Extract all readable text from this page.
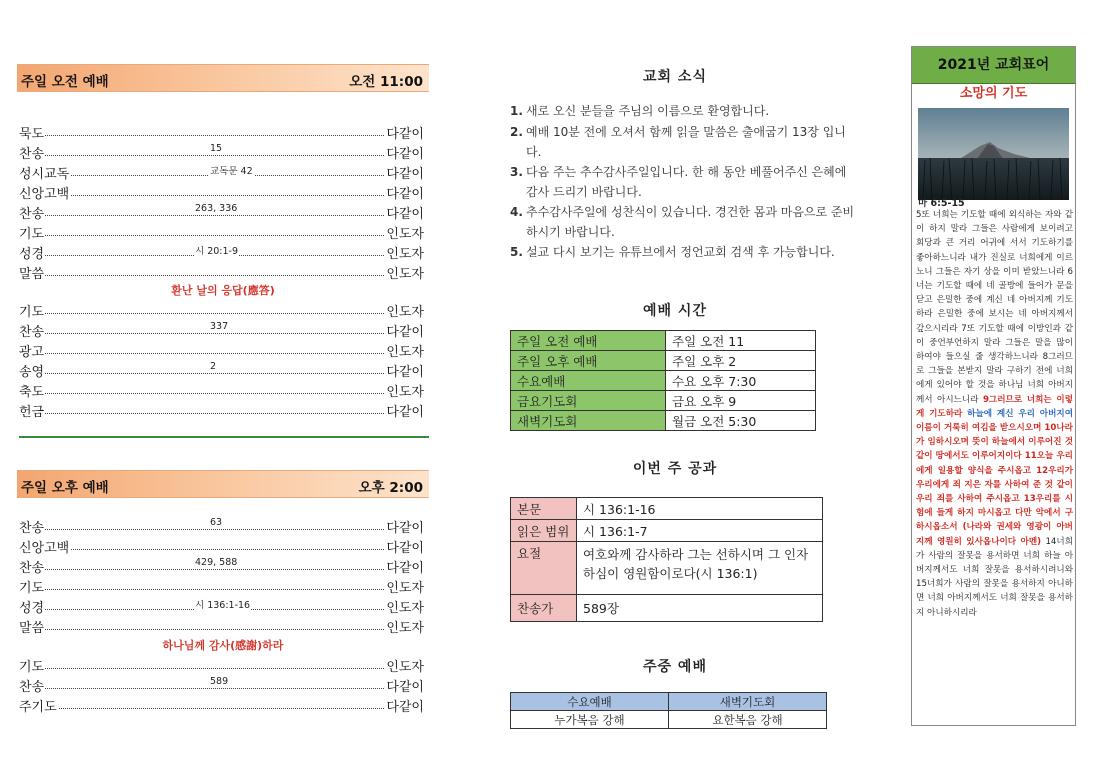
주일 오전 예배	오전 11:00
묵도	다같이
찬송	15	다같이
성시교독	교독문 42	다같이
신앙고백	다같이
찬송	263, 336	다같이
기도	인도자
성경	시 20:1-9	인도자
말씀	인도자
환난 날의 응답(應答)
기도	인도자
찬송	337	다같이
광고	인도자
송영	2	다같이
축도	인도자
헌금	다같이
주일 오후 예배	오후 2:00
찬송	63	다같이
신앙고백	다같이
찬송	429, 588	다같이
기도	인도자
성경	시 136:1-16	인도자
말씀	인도자
하나님께 감사(感謝)하라
기도	인도자
찬송	589	다같이
주기도	다같이
교회 소식
1. 새로 오신 분들을 주님의 이름으로 환영합니다.
2. 예배 10분 전에 오셔서 함께 읽을 말씀은 출애굽기 13장 입니다.
3. 다음 주는 추수감사주일입니다. 한 해 동안 베풀어주신 은혜에 감사 드리기 바랍니다.
4. 추수감사주일에 성찬식이 있습니다. 경건한 몸과 마음으로 준비하시기 바랍니다.
5. 설교 다시 보기는 유튜브에서 정언교회 검색 후 가능합니다.
예배 시간
주일 오전 예배	주일 오전 11
주일 오후 예배	주일 오후 2
수요예배	수요 오후 7:30
금요기도회	금요 오후 9
새벽기도회	월금 오전 5:30
이번 주 공과
본문	시 136:1-16
읽은 범위	시 136:1-7
요절	여호와께 감사하라 그는 선하시며 그 인자하심이 영원함이로다(시 136:1)
찬송가	589장
주중 예배
수요예배	새벽기도회
누가복음 강해	요한복음 강해
2021년 교회표어
소망의 기도
마 6:5-15
5또 너희는 기도할 때에 외식하는 자와 같이 하지 말라 그들은 사람에게 보이려고 회당과 큰 거리 어귀에 서서 기도하기를 좋아하느니라 내가 진실로 너희에게 이르노니 그들은 자기 상을 이미 받았느니라 6너는 기도할 때에 네 골방에 들어가 문을 닫고 은밀한 중에 계신 네 아버지께 기도하라 은밀한 중에 보시는 네 아버지께서 갚으시리라 7또 기도할 때에 이방인과 같이 중언부언하지 말라 그들은 말을 많이 하여야 들으실 줄 생각하느니라 8그러므로 그들을 본받지 말라 구하기 전에 너희에게 있어야 할 것을 하나님 너희 아버지께서 아시느니라 9그러므로 너희는 이렇게 기도하라 하늘에 계신 우리 아버지여 이름이 거룩히 여김을 받으시오며 10나라가 임하시오며 뜻이 하늘에서 이루어진 것 같이 땅에서도 이루어지이다 11오늘 우리에게 일용할 양식을 주시옵고 12우리가 우리에게 죄 지은 자를 사하여 준 것 같이 우리 죄를 사하여 주시옵고 13우리를 시험에 들게 하지 마시옵고 다만 악에서 구하시옵소서 (나라와 권세와 영광이 아버지께 영원히 있사옵나이다 아멘) 14너희가 사람의 잘못을 용서하면 너희 하늘 아버지께서도 너희 잘못을 용서하시려니와 15너희가 사람의 잘못을 용서하지 아니하면 너희 아버지께서도 너희 잘못을 용서하지 아니하시리라
